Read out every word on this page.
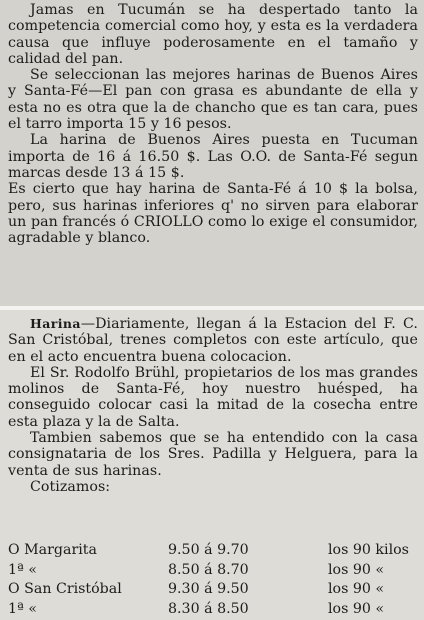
Jamas en Tucumán se ha despertado tanto la competencia comercial como hoy, y esta es la verdadera causa que influye poderosamente en el tamaño y calidad del pan.

Se seleccionan las mejores harinas de Buenos Aires y Santa-Fé—El pan con grasa es abundante de ella y esta no es otra que la de chancho que es tan cara, pues el tarro importa 15 y 16 pesos.

La harina de Buenos Aires puesta en Tucuman importa de 16 á 16.50 $. Las O.O. de Santa-Fé segun marcas desde 13 á 15 $.

Es cierto que hay harina de Santa-Fé á 10 $ la bolsa, pero, sus harinas inferiores q' no sirven para elaborar un pan francés ó CRIOLLO como lo exige el consumidor, agradable y blanco.

Harina—Diariamente, llegan á la Estacion del F. C. San Cristóbal, trenes completos con este artículo, que en el acto encuentra buena colocacion.

El Sr. Rodolfo Brühl, propietarios de los mas grandes molinos de Santa-Fé, hoy nuestro huésped, ha conseguido colocar casi la mitad de la cosecha entre esta plaza y la de Salta.

Tambien sabemos que se ha entendido con la casa consignataria de los Sres. Padilla y Helguera, para la venta de sus harinas.

Cotizamos:

O Margarita	9.50 á 9.70	los 90 kilos
1ª «	8.50 á 8.70	los 90 «
O San Cristóbal	9.30 á 9.50	los 90 «
1ª «	8.30 á 8.50	los 90 «
